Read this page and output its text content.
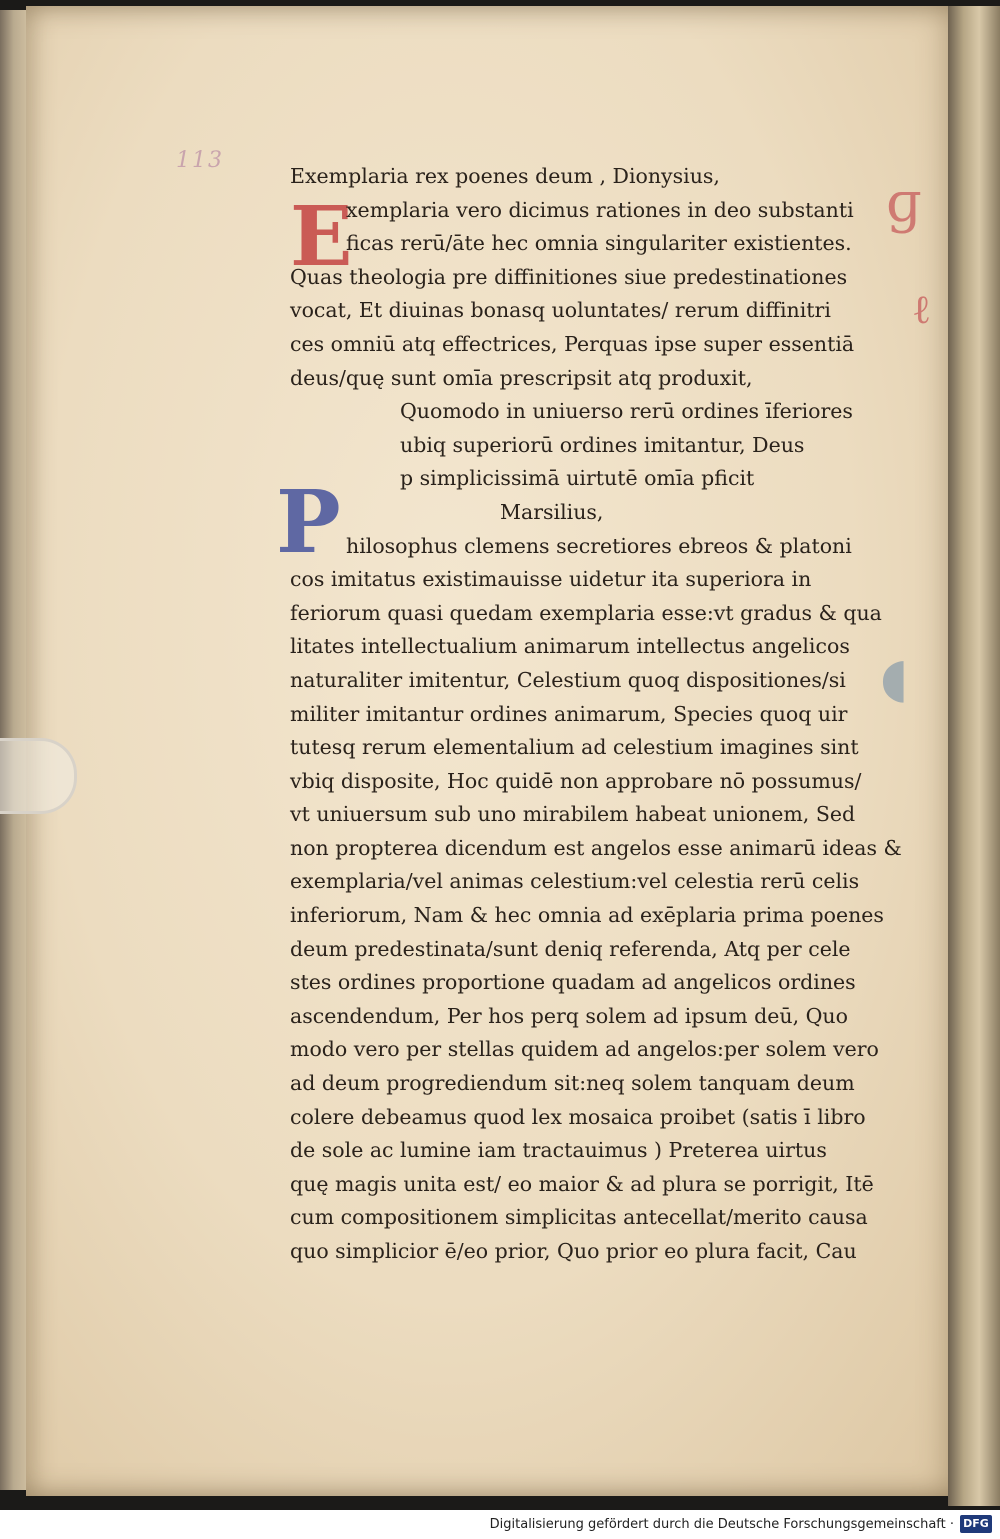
113
E
P
ɡ
ℓ
◖
Exemplaria rex poenes deum , Dionysius,
xemplaria vero dicimus rationes in deo substanti
ficas rerū/āte hec omnia singulariter existientes.
Quas theologia pre diffinitiones siue predestinationes
vocat, Et diuinas bonasq uoluntates/ rerum diffinitri
ces omniū atq effectrices, Perquas ipse super essentiā
deus/quę sunt omīa prescripsit atq produxit,
Quomodo in uniuerso rerū ordines īferiores
ubiq superiorū ordines imitantur, Deus
p simplicissimā uirtutē omīa pficit
Marsilius,
hilosophus clemens secretiores ebreos & platoni
cos imitatus existimauisse uidetur ita superiora in
feriorum quasi quedam exemplaria esse:vt gradus & qua
litates intellectualium animarum intellectus angelicos
naturaliter imitentur, Celestium quoq dispositiones/si
militer imitantur ordines animarum, Species quoq uir
tutesq rerum elementalium ad celestium imagines sint
vbiq disposite, Hoc quidē non approbare nō possumus/
vt uniuersum sub uno mirabilem habeat unionem, Sed
non propterea dicendum est angelos esse animarū ideas &
exemplaria/vel animas celestium:vel celestia rerū celis
inferiorum, Nam & hec omnia ad exēplaria prima poenes
deum predestinata/sunt deniq referenda, Atq per cele
stes ordines proportione quadam ad angelicos ordines
ascendendum, Per hos perq solem ad ipsum deū, Quo
modo vero per stellas quidem ad angelos:per solem vero
ad deum progrediendum sit:neq solem tanquam deum
colere debeamus quod lex mosaica proibet (satis ī libro
de sole ac lumine iam tractauimus ) Preterea uirtus
quę magis unita est/ eo maior & ad plura se porrigit, Itē
cum compositionem simplicitas antecellat/merito causa
quo simplicior ē/eo prior, Quo prior eo plura facit, Cau
Digitalisierung gefördert durch die Deutsche Forschungsgemeinschaft · DFG
